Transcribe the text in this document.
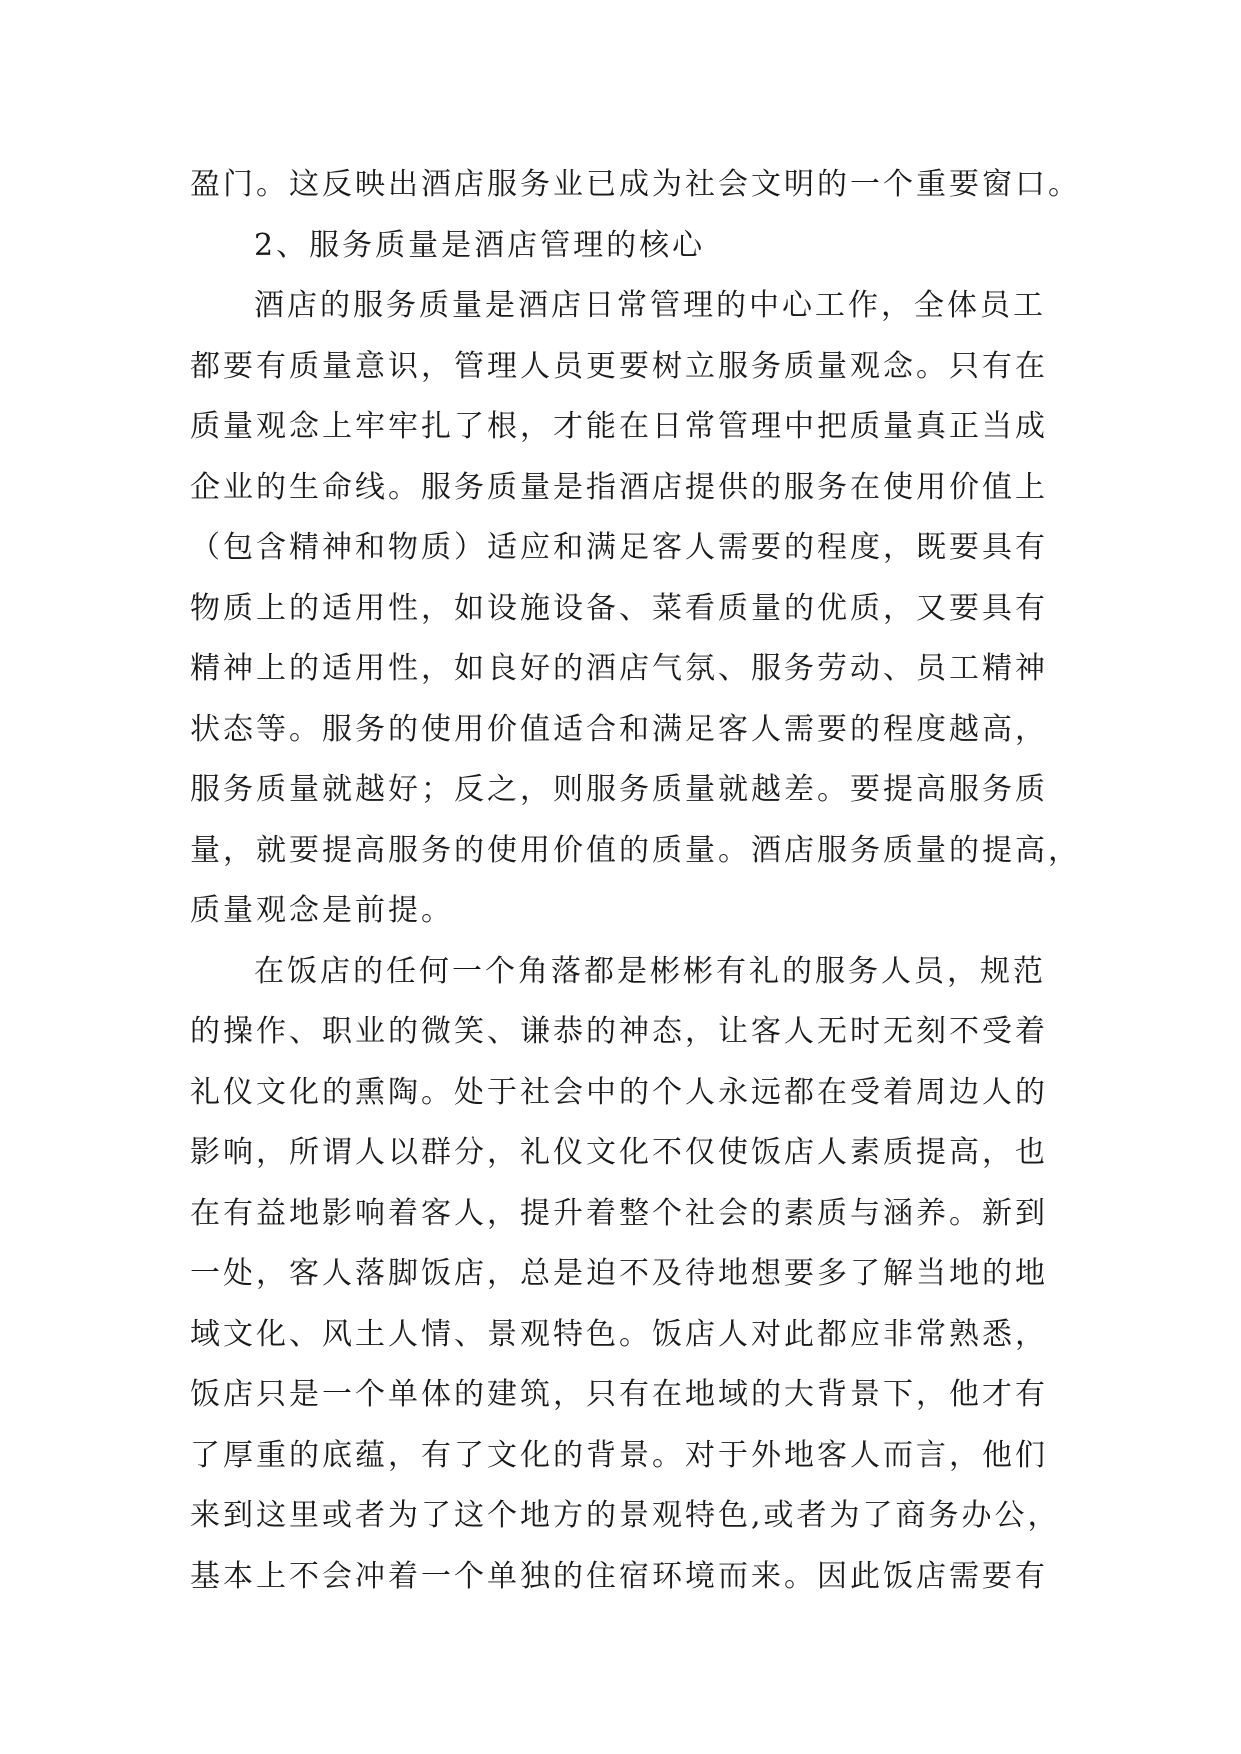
盈门。这反映出酒店服务业已成为社会文明的一个重要窗口。
2、服务质量是酒店管理的核心
酒店的服务质量是酒店日常管理的中心工作，全体员工
都要有质量意识，管理人员更要树立服务质量观念。只有在
质量观念上牢牢扎了根，才能在日常管理中把质量真正当成
企业的生命线。服务质量是指酒店提供的服务在使用价值上
（包含精神和物质）适应和满足客人需要的程度，既要具有
物质上的适用性，如设施设备、菜看质量的优质，又要具有
精神上的适用性，如良好的酒店气氛、服务劳动、员工精神
状态等。服务的使用价值适合和满足客人需要的程度越高，
服务质量就越好；反之，则服务质量就越差。要提高服务质
量，就要提高服务的使用价值的质量。酒店服务质量的提高，
质量观念是前提。
在饭店的任何一个角落都是彬彬有礼的服务人员，规范
的操作、职业的微笑、谦恭的神态，让客人无时无刻不受着
礼仪文化的熏陶。处于社会中的个人永远都在受着周边人的
影响，所谓人以群分，礼仪文化不仅使饭店人素质提高，也
在有益地影响着客人，提升着整个社会的素质与涵养。新到
一处，客人落脚饭店，总是迫不及待地想要多了解当地的地
域文化、风土人情、景观特色。饭店人对此都应非常熟悉，
饭店只是一个单体的建筑，只有在地域的大背景下，他才有
了厚重的底蕴，有了文化的背景。对于外地客人而言，他们
来到这里或者为了这个地方的景观特色,或者为了商务办公，
基本上不会冲着一个单独的住宿环境而来。因此饭店需要有
